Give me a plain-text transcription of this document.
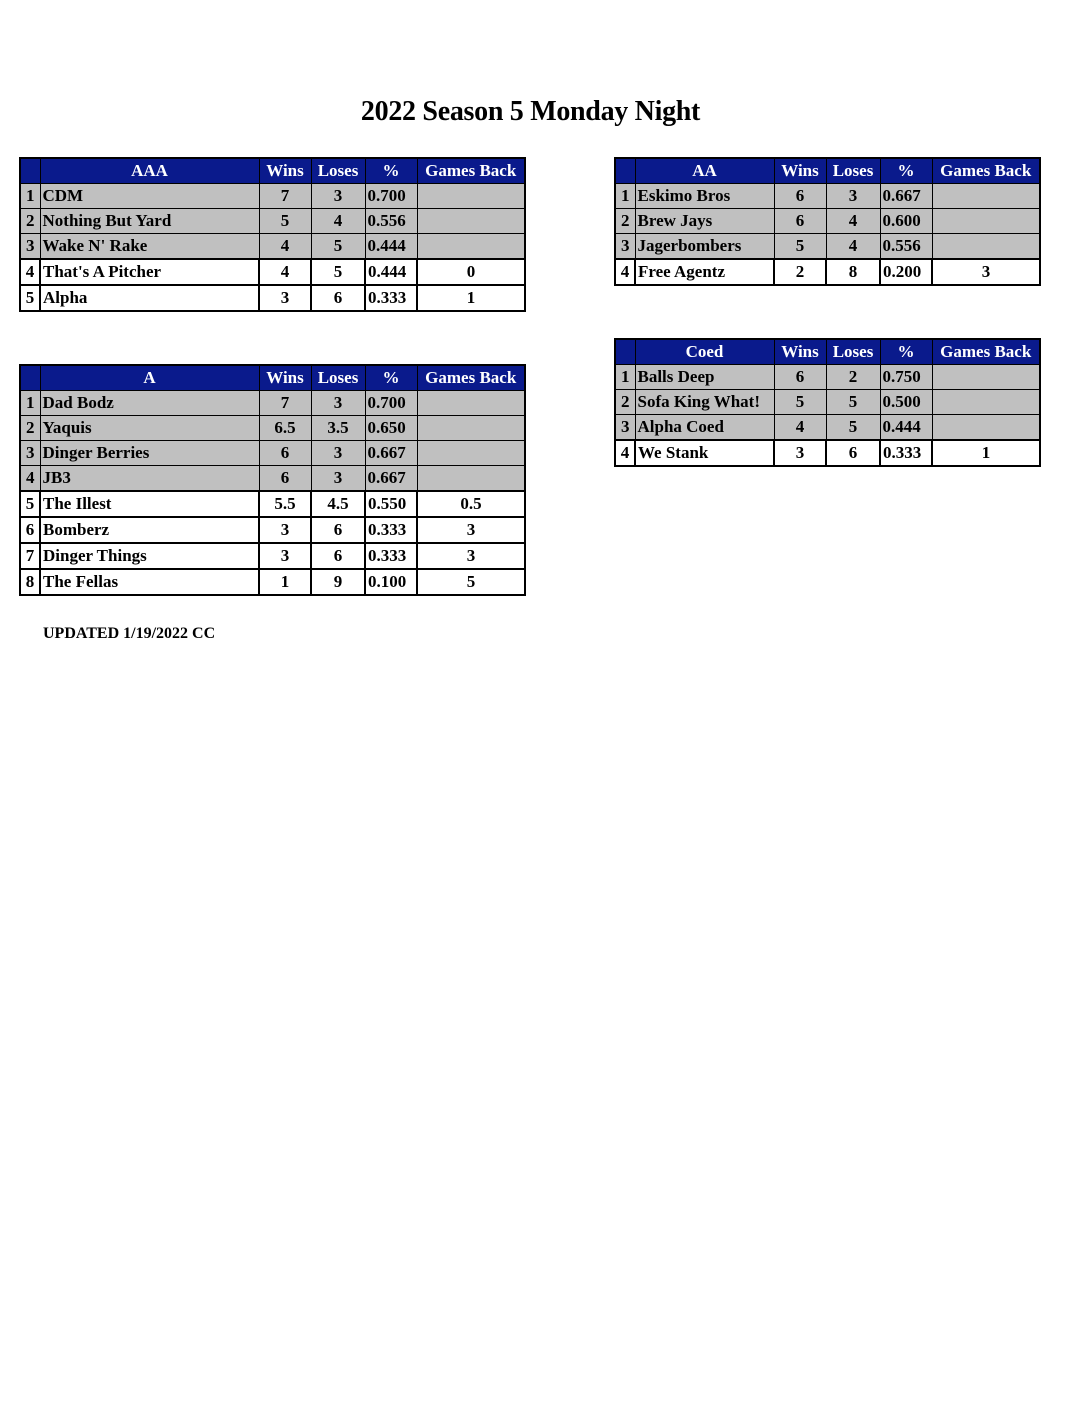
2022 Season 5 Monday Night
	AAA	Wins	Loses	%	Games Back
1	CDM	7	3	0.700	
2	Nothing But Yard	5	4	0.556	
3	Wake N' Rake	4	5	0.444	
4	That's A Pitcher	4	5	0.444	0
5	Alpha	3	6	0.333	1
	AA	Wins	Loses	%	Games Back
1	Eskimo Bros	6	3	0.667	
2	Brew Jays	6	4	0.600	
3	Jagerbombers	5	4	0.556	
4	Free Agentz	2	8	0.200	3
	A	Wins	Loses	%	Games Back
1	Dad Bodz	7	3	0.700	
2	Yaquis	6.5	3.5	0.650	
3	Dinger Berries	6	3	0.667	
4	JB3	6	3	0.667	
5	The Illest	5.5	4.5	0.550	0.5
6	Bomberz	3	6	0.333	3
7	Dinger Things	3	6	0.333	3
8	The Fellas	1	9	0.100	5
	Coed	Wins	Loses	%	Games Back
1	Balls Deep	6	2	0.750	
2	Sofa King What!	5	5	0.500	
3	Alpha Coed	4	5	0.444	
4	We Stank	3	6	0.333	1
UPDATED 1/19/2022 CC
